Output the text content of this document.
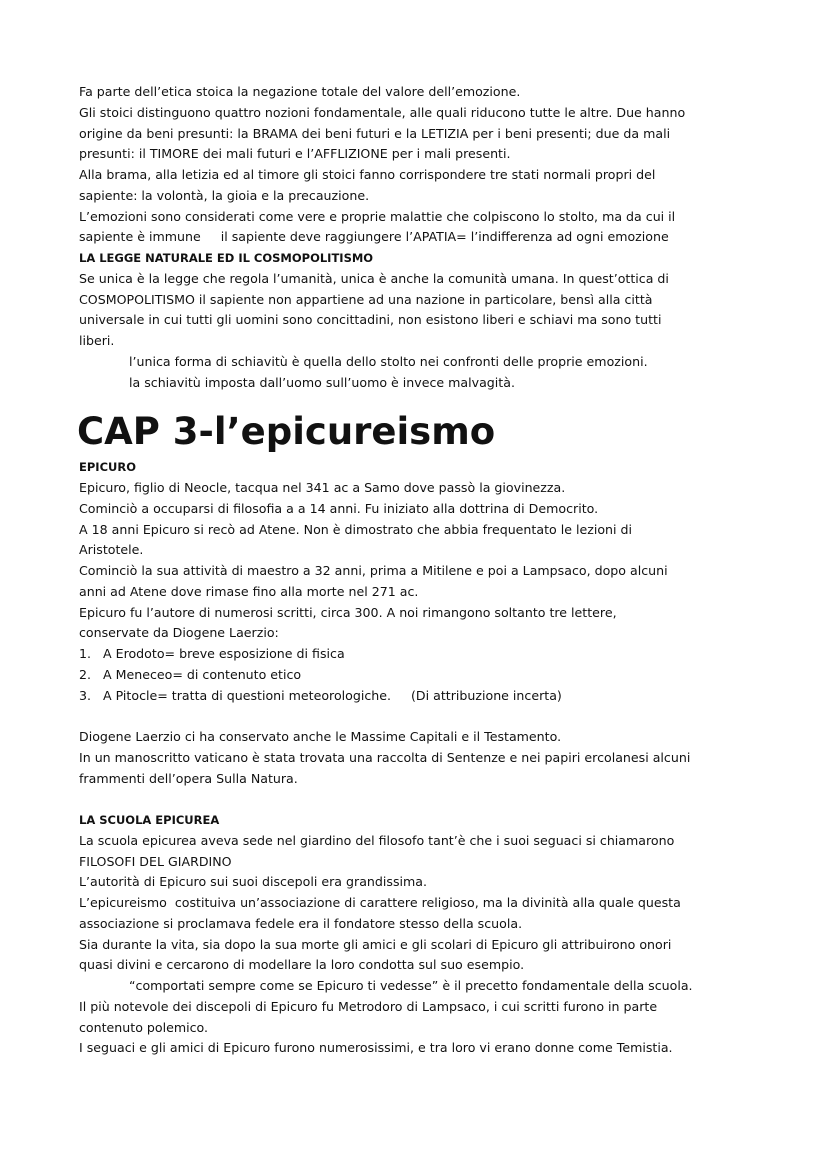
Fa parte dell’etica stoica la negazione totale del valore dell’emozione.
Gli stoici distinguono quattro nozioni fondamentale, alle quali riducono tutte le altre. Due hanno
origine da beni presunti: la BRAMA dei beni futuri e la LETIZIA per i beni presenti; due da mali
presunti: il TIMORE dei mali futuri e l’AFFLIZIONE per i mali presenti.
Alla brama, alla letizia ed al timore gli stoici fanno corrispondere tre stati normali propri del
sapiente: la volontà, la gioia e la precauzione.
L’emozioni sono considerati come vere e proprie malattie che colpiscono lo stolto, ma da cui il
sapiente è immune     il sapiente deve raggiungere l’APATIA= l’indifferenza ad ogni emozione
LA LEGGE NATURALE ED IL COSMOPOLITISMO
Se unica è la legge che regola l’umanità, unica è anche la comunità umana. In quest’ottica di
COSMOPOLITISMO il sapiente non appartiene ad una nazione in particolare, bensì alla città
universale in cui tutti gli uomini sono concittadini, non esistono liberi e schiavi ma sono tutti
liberi.
l’unica forma di schiavitù è quella dello stolto nei confronti delle proprie emozioni.
la schiavitù imposta dall’uomo sull’uomo è invece malvagità.
CAP 3-l’epicureismo
EPICURO
Epicuro, figlio di Neocle, tacqua nel 341 ac a Samo dove passò la giovinezza.
Cominciò a occuparsi di filosofia a a 14 anni. Fu iniziato alla dottrina di Democrito.
A 18 anni Epicuro si recò ad Atene. Non è dimostrato che abbia frequentato le lezioni di
Aristotele.
Cominciò la sua attività di maestro a 32 anni, prima a Mitilene e poi a Lampsaco, dopo alcuni
anni ad Atene dove rimase fino alla morte nel 271 ac.
Epicuro fu l’autore di numerosi scritti, circa 300. A noi rimangono soltanto tre lettere,
conservate da Diogene Laerzio:
1. A Erodoto= breve esposizione di fisica
2. A Meneceo= di contenuto etico
3. A Pitocle= tratta di questioni meteorologiche.     (Di attribuzione incerta)
Diogene Laerzio ci ha conservato anche le Massime Capitali e il Testamento.
In un manoscritto vaticano è stata trovata una raccolta di Sentenze e nei papiri ercolanesi alcuni
frammenti dell’opera Sulla Natura.
LA SCUOLA EPICUREA
La scuola epicurea aveva sede nel giardino del filosofo tant’è che i suoi seguaci si chiamarono
FILOSOFI DEL GIARDINO
L’autorità di Epicuro sui suoi discepoli era grandissima.
L’epicureismo  costituiva un’associazione di carattere religioso, ma la divinità alla quale questa
associazione si proclamava fedele era il fondatore stesso della scuola.
Sia durante la vita, sia dopo la sua morte gli amici e gli scolari di Epicuro gli attribuirono onori
quasi divini e cercarono di modellare la loro condotta sul suo esempio.
“comportati sempre come se Epicuro ti vedesse” è il precetto fondamentale della scuola.
Il più notevole dei discepoli di Epicuro fu Metrodoro di Lampsaco, i cui scritti furono in parte
contenuto polemico.
I seguaci e gli amici di Epicuro furono numerosissimi, e tra loro vi erano donne come Temistia.
